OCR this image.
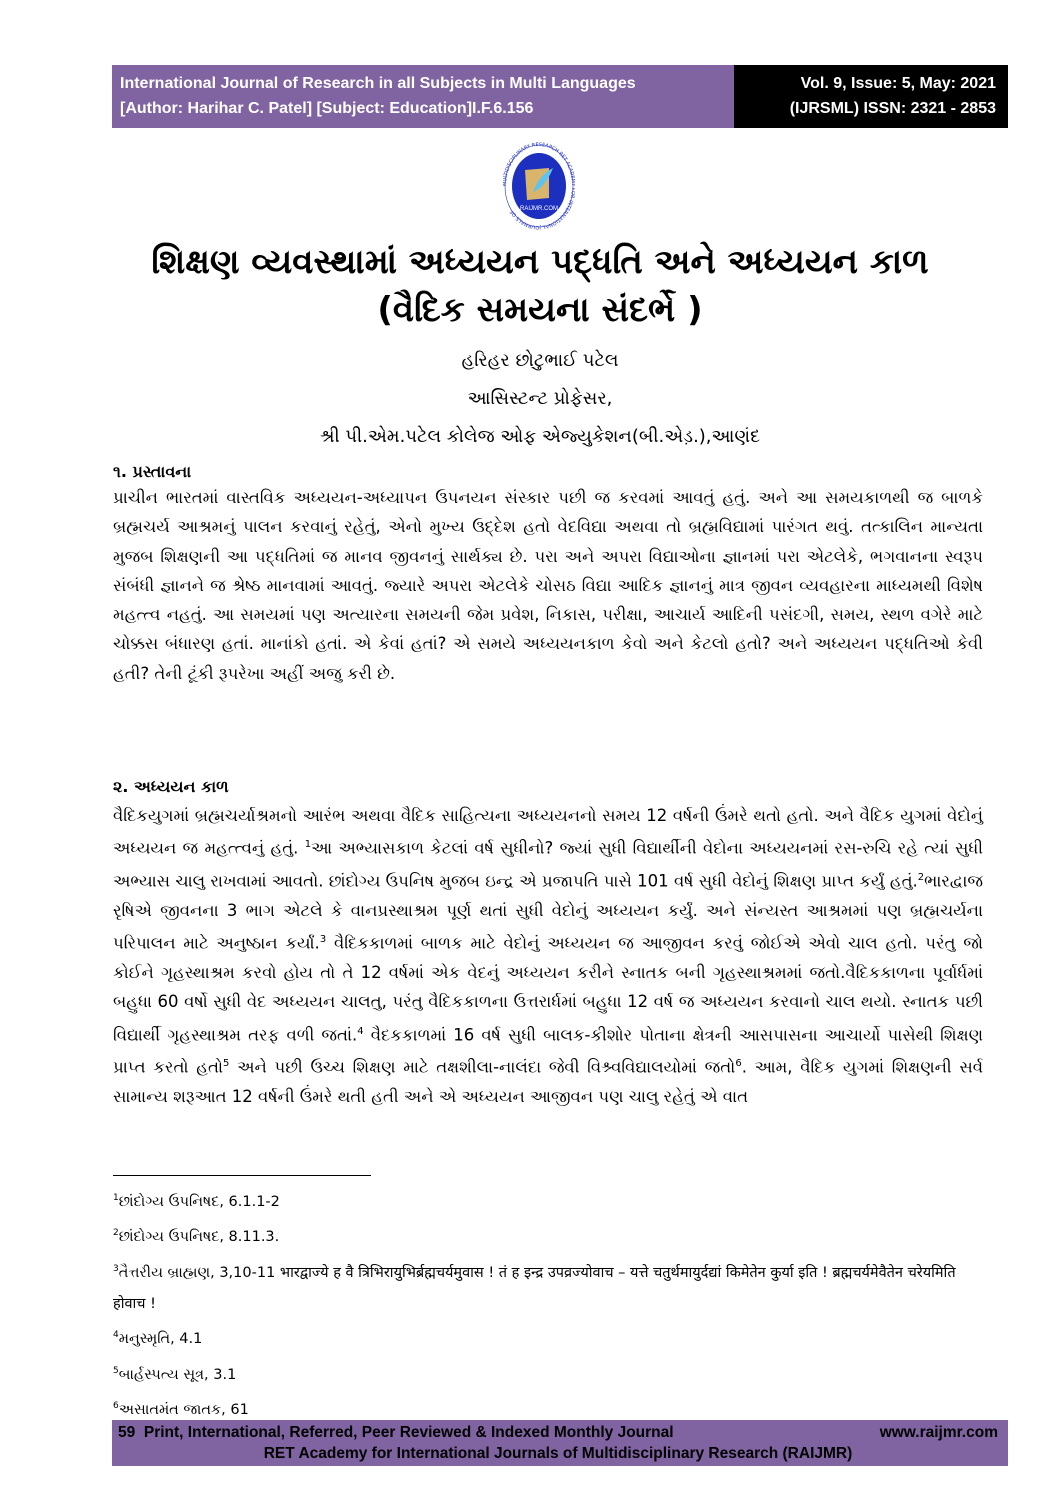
International Journal of Research in all Subjects in Multi Languages
[Author: Harihar C. Patel] [Subject: Education]I.F.6.156
Vol. 9, Issue: 5, May: 2021
(IJRSML) ISSN: 2321 - 2853
LTIDISCIPLINARY RESEARCH RET ACADE R INTERNATIONAL JOURNALS OF RAIJMR.COM
શિક્ષણ વ્યવસ્થામાં અધ્યયન પદ્ધતિ અને અધ્યયન કાળ
(વૈદિક સમયના સંદર્ભે )
હરિહર છોટુભાઈ પટેલ
આસિસ્ટન્ટ પ્રોફેસર,
શ્રી પી.એમ.પટેલ કોલેજ ઓફ એજ્યુકેશન(બી.એડ઼.),આણંદ
૧. પ્રસ્તાવના
પ્રાચીન ભારતમાં વાસ્તવિક અધ્યયન-અધ્યાપન ઉપનયન સંસ્કાર પછી જ કરવમાં આવતું હતું. અને આ સમયકાળથી જ બાળકે બ્રહ્મચર્ય આશ્રમનું પાલન કરવાનું રહેતું, એનો મુખ્ય ઉદ્દેશ હતો વેદવિદ્યા અથવા તો બ્રહ્મવિદ્યામાં પારંગત થવું. તત્કાલિન માન્યતા મુજબ શિક્ષણની આ પદ્ધતિમાં જ માનવ જીવનનું સાર્થક્ય છે. પરા અને અપરા વિદ્યાઓના જ્ઞાનમાં પરા એટલેકે, ભગવાનના સ્વરૂપ સંબંધી જ્ઞાનને જ શ્રેષ્ઠ માનવામાં આવતું. જ્યારે અપરા એટલેકે ચોસઠ વિદ્યા આદિક જ્ઞાનનું માત્ર જીવન વ્યવહારના માધ્યમથી વિશેષ મહત્ત્વ નહતું. આ સમયમાં પણ અત્યારના સમયની જેમ પ્રવેશ, નિકાસ, પરીક્ષા, આચાર્ય આદિની પસંદગી, સમય, સ્થળ વગેરે માટે ચોક્કસ બંધારણ હતાં. માનાંકો હતાં. એ કેવાં હતાં? એ સમયે અધ્યયનકાળ કેવો અને કેટલો હતો? અને અધ્યયન પદ્ધતિઓ કેવી હતી? તેની ટૂંકી રૂપરેખા અહીં અજુ કરી છે.
૨. અધ્યયન કાળ
વૈદિકયુગમાં બ્રહ્મચર્યાશ્રમનો આરંભ અથવા વૈદિક સાહિત્યના અધ્યયનનો સમય 12 વર્ષની ઉંમરે થતો હતો. અને વૈદિક યુગમાં વેદોનું અધ્યયન જ મહત્ત્વનું હતું. $^1$આ અભ્યાસકાળ કેટલાં વર્ષ સુધીનો? જ્યાં સુધી વિદ્યાર્થીની વેદોના અધ્યયનમાં રસ-રુચિ રહે ત્યાં સુધી અભ્યાસ ચાલુ રાખવામાં આવતો. છાંદોગ્ય ઉપનિષ મુજબ ઇન્દ્ર એ પ્રજાપતિ પાસે 101 વર્ષ સુધી વેદોનું શિક્ષણ પ્રાપ્ત કર્યું હતું.$^2$ભારદ્વાજ રૃષિએ જીવનના 3 ભાગ એટલે કે વાનપ્રસ્થાશ્રમ પૂર્ણ થતાં સુધી વેદોનું અધ્યયન કર્યું. અને સંન્યસ્ત આશ્રમમાં પણ બ્રહ્મચર્યના પરિપાલન માટે અનુષ્ઠાન કર્યાં.$^3$ વૈદિકકાળમાં બાળક માટે વેદોનું અધ્યયન જ આજીવન કરવું જોઈએ એવો ચાલ હતો. પરંતુ જો કોઈને ગૃહસ્થાશ્રમ કરવો હોય તો તે 12 વર્ષમાં એક વેદનું અધ્યયન કરીને સ્નાતક બની ગૃહસ્થાશ્રમમાં જતો.વૈદિકકાળના પૂર્વાર્ધમાં બહુધા 60 વર્ષો સુધી વેદ અધ્યયન ચાલતુ, પરંતુ વૈદિકકાળના ઉત્તરાર્ધમાં બહુધા 12 વર્ષ જ અધ્યયન કરવાનો ચાલ થયો. સ્નાતક પછી વિદ્યાર્થી ગૃહસ્થાશ્રમ તરફ વળી જતાં.$^4$ વૈદકકાળમાં 16 વર્ષ સુધી બાલક-કીશોર પોતાના ક્ષેત્રની આસપાસના આચાર્યો પાસેથી શિક્ષણ પ્રાપ્ત કરતો હતો$^5$ અને પછી ઉચ્ચ શિક્ષણ માટે તક્ષશીલા-નાલંદા જેવી વિશ્ર્વવિદ્યાલયોમાં જતો$^6$. આમ, વૈદિક યુગમાં શિક્ષણની સર્વ સામાન્ય શરૂઆત 12 વર્ષની ઉંમરે થતી હતી અને એ અધ્યયન આજીવન પણ ચાલુ રહેતું એ વાત
$^1$છાંદોગ્ય ઉપનિષદ, 6.1.1-2
$^2$છાંદોગ્ય ઉપનિષદ, 8.11.3.
$^3$તૈત્તરીય બ્રાહ્મણ, 3,10-11 भारद्वाज्ये ह वै त्रिभिरायुभिर्ब्रह्मचर्यमुवास ! तं ह इन्द्र उपव्रज्योवाच – यत्ते चतुर्थमायुर्दद्यां किमेतेन कुर्या इति ! ब्रह्मचर्यमेवैतेन चरेयमिति होवाच !
$^4$મનુસ્મૃતિ, 4.1
$^5$બાર્હસ્પત્ય સૂત્ર, 3.1
$^6$અસાતમંત જાતક, 61
59 Print, International, Referred, Peer Reviewed & Indexed Monthly Journal	www.raijmr.com
RET Academy for International Journals of Multidisciplinary Research (RAIJMR)
